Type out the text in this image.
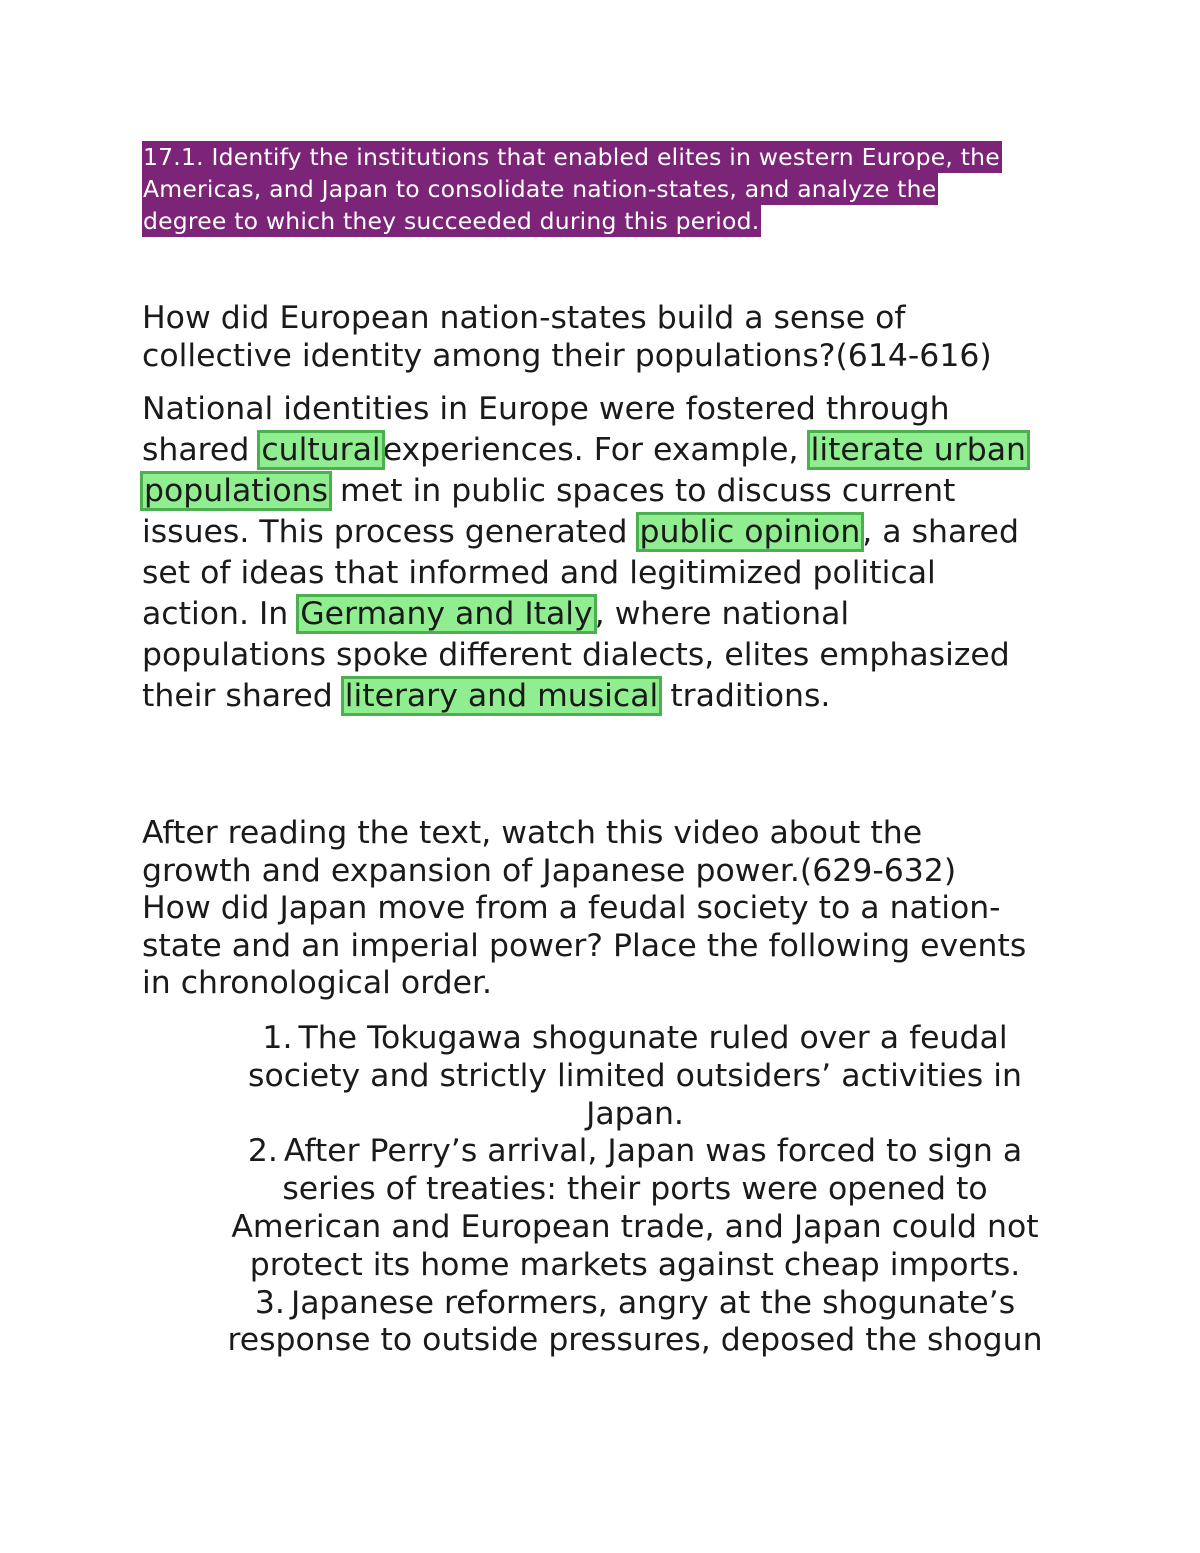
17.1. Identify the institutions that enabled elites in western Europe, the
Americas, and Japan to consolidate nation-states, and analyze the
degree to which they succeeded during this period.
How did European nation-states build a sense of
collective identity among their populations?(614-616)
National identities in Europe were fostered through
shared culturalexperiences. For example, literate urban
populations met in public spaces to discuss current
issues. This process generated public opinion, a shared
set of ideas that informed and legitimized political
action. In Germany and Italy, where national
populations spoke different dialects, elites emphasized
their shared literary and musical traditions.
After reading the text, watch this video about the
growth and expansion of Japanese power.(629-632)
How did Japan move from a feudal society to a nation-
state and an imperial power? Place the following events
in chronological order.
1. The Tokugawa shogunate ruled over a feudal
society and strictly limited outsiders’ activities in
Japan.
2. After Perry’s arrival, Japan was forced to sign a
series of treaties: their ports were opened to
American and European trade, and Japan could not
protect its home markets against cheap imports.
3. Japanese reformers, angry at the shogunate’s
response to outside pressures, deposed the shogun
